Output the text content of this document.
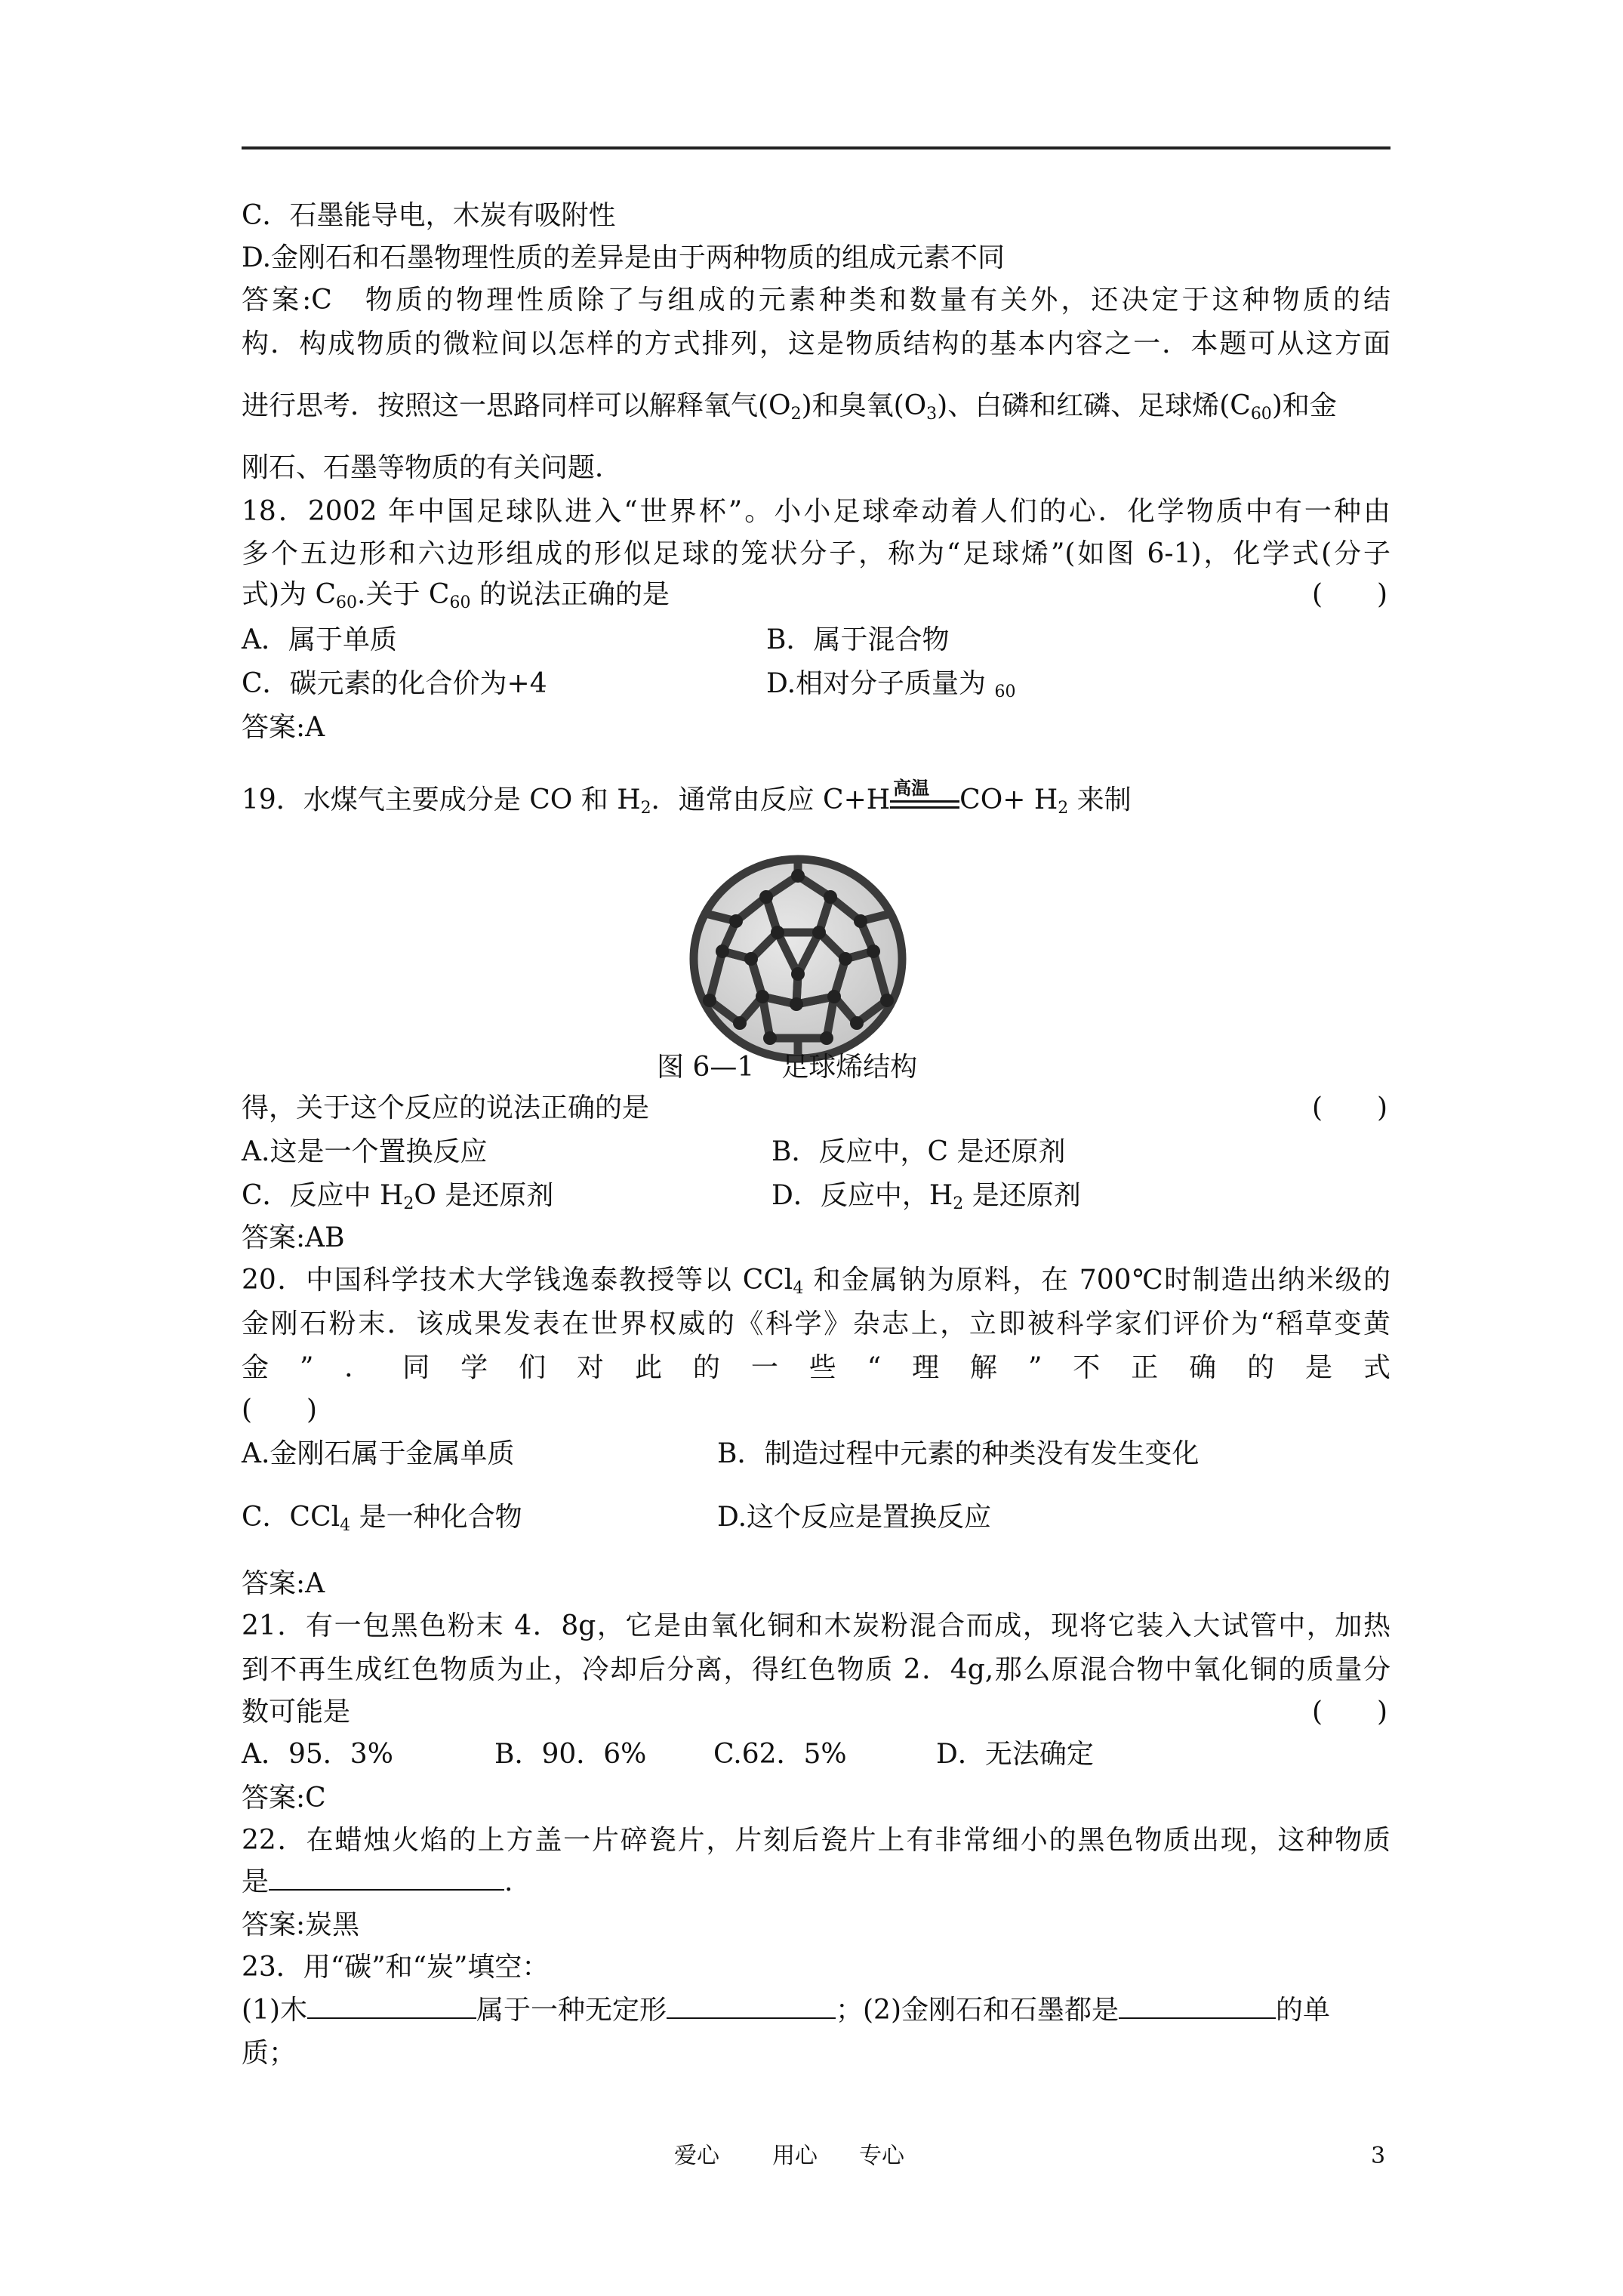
C．石墨能导电，木炭有吸附性
D.金刚石和石墨物理性质的差异是由于两种物质的组成元素不同
答案:C　物质的物理性质除了与组成的元素种类和数量有关外，还决定于这种物质的结
构．构成物质的微粒间以怎样的方式排列，这是物质结构的基本内容之一．本题可从这方面
进行思考．按照这一思路同样可以解释氧气$(O_2)$和臭氧$(O_3)$、白磷和红磷、足球烯$(C_{60})$和金
刚石、石墨等物质的有关问题．
18．2002 年中国足球队进入“世界杯”。小小足球牵动着人们的心．化学物质中有一种由
多个五边形和六边形组成的形似足球的笼状分子，称为“足球烯”(如图 6-1)，化学式(分子
式)为 $C_{60}$.关于 $C_{60}$ 的说法正确的是	(　　)
A．属于单质	B．属于混合物
C．碳元素的化合价为+4	D.相对分子质量为 $_{60}$
答案:A
19．水煤气主要成分是 CO 和 $H_2$．通常由反应 C+H 高温 $CO+ H_2$ 来制
图 6—1　足球烯结构
得，关于这个反应的说法正确的是	(　　)
A.这是一个置换反应	B．反应中，C 是还原剂
C．反应中 $H_2O$ 是还原剂	D．反应中，$H_2$ 是还原剂
答案:AB
20．中国科学技术大学钱逸泰教授等以 CCl$_4$ 和金属钠为原料，在 700℃时制造出纳米级的
金刚石粉末．该成果发表在世界权威的《科学》杂志上，立即被科学家们评价为“稻草变黄
金”．同学们对此的一些“理解”不正确的是式
(　　)
A.金刚石属于金属单质	B．制造过程中元素的种类没有发生变化
C．CCl$_4$ 是一种化合物	D.这个反应是置换反应
答案:A
21．有一包黑色粉末 4．8g，它是由氧化铜和木炭粉混合而成，现将它装入大试管中，加热
到不再生成红色物质为止，冷却后分离，得红色物质 2．4g,那么原混合物中氧化铜的质量分
数可能是	(　　)
A．95．3%	B．90．6% C.62．5%	D．无法确定
答案:C
22．在蜡烛火焰的上方盖一片碎瓷片，片刻后瓷片上有非常细小的黑色物质出现，这种物质
是	.
答案:炭黑
23．用“碳”和“炭”填空：
(1)木	属于一种无定形	；(2)金刚石和石墨都是	的单
质；
爱心 用心 专心	3
